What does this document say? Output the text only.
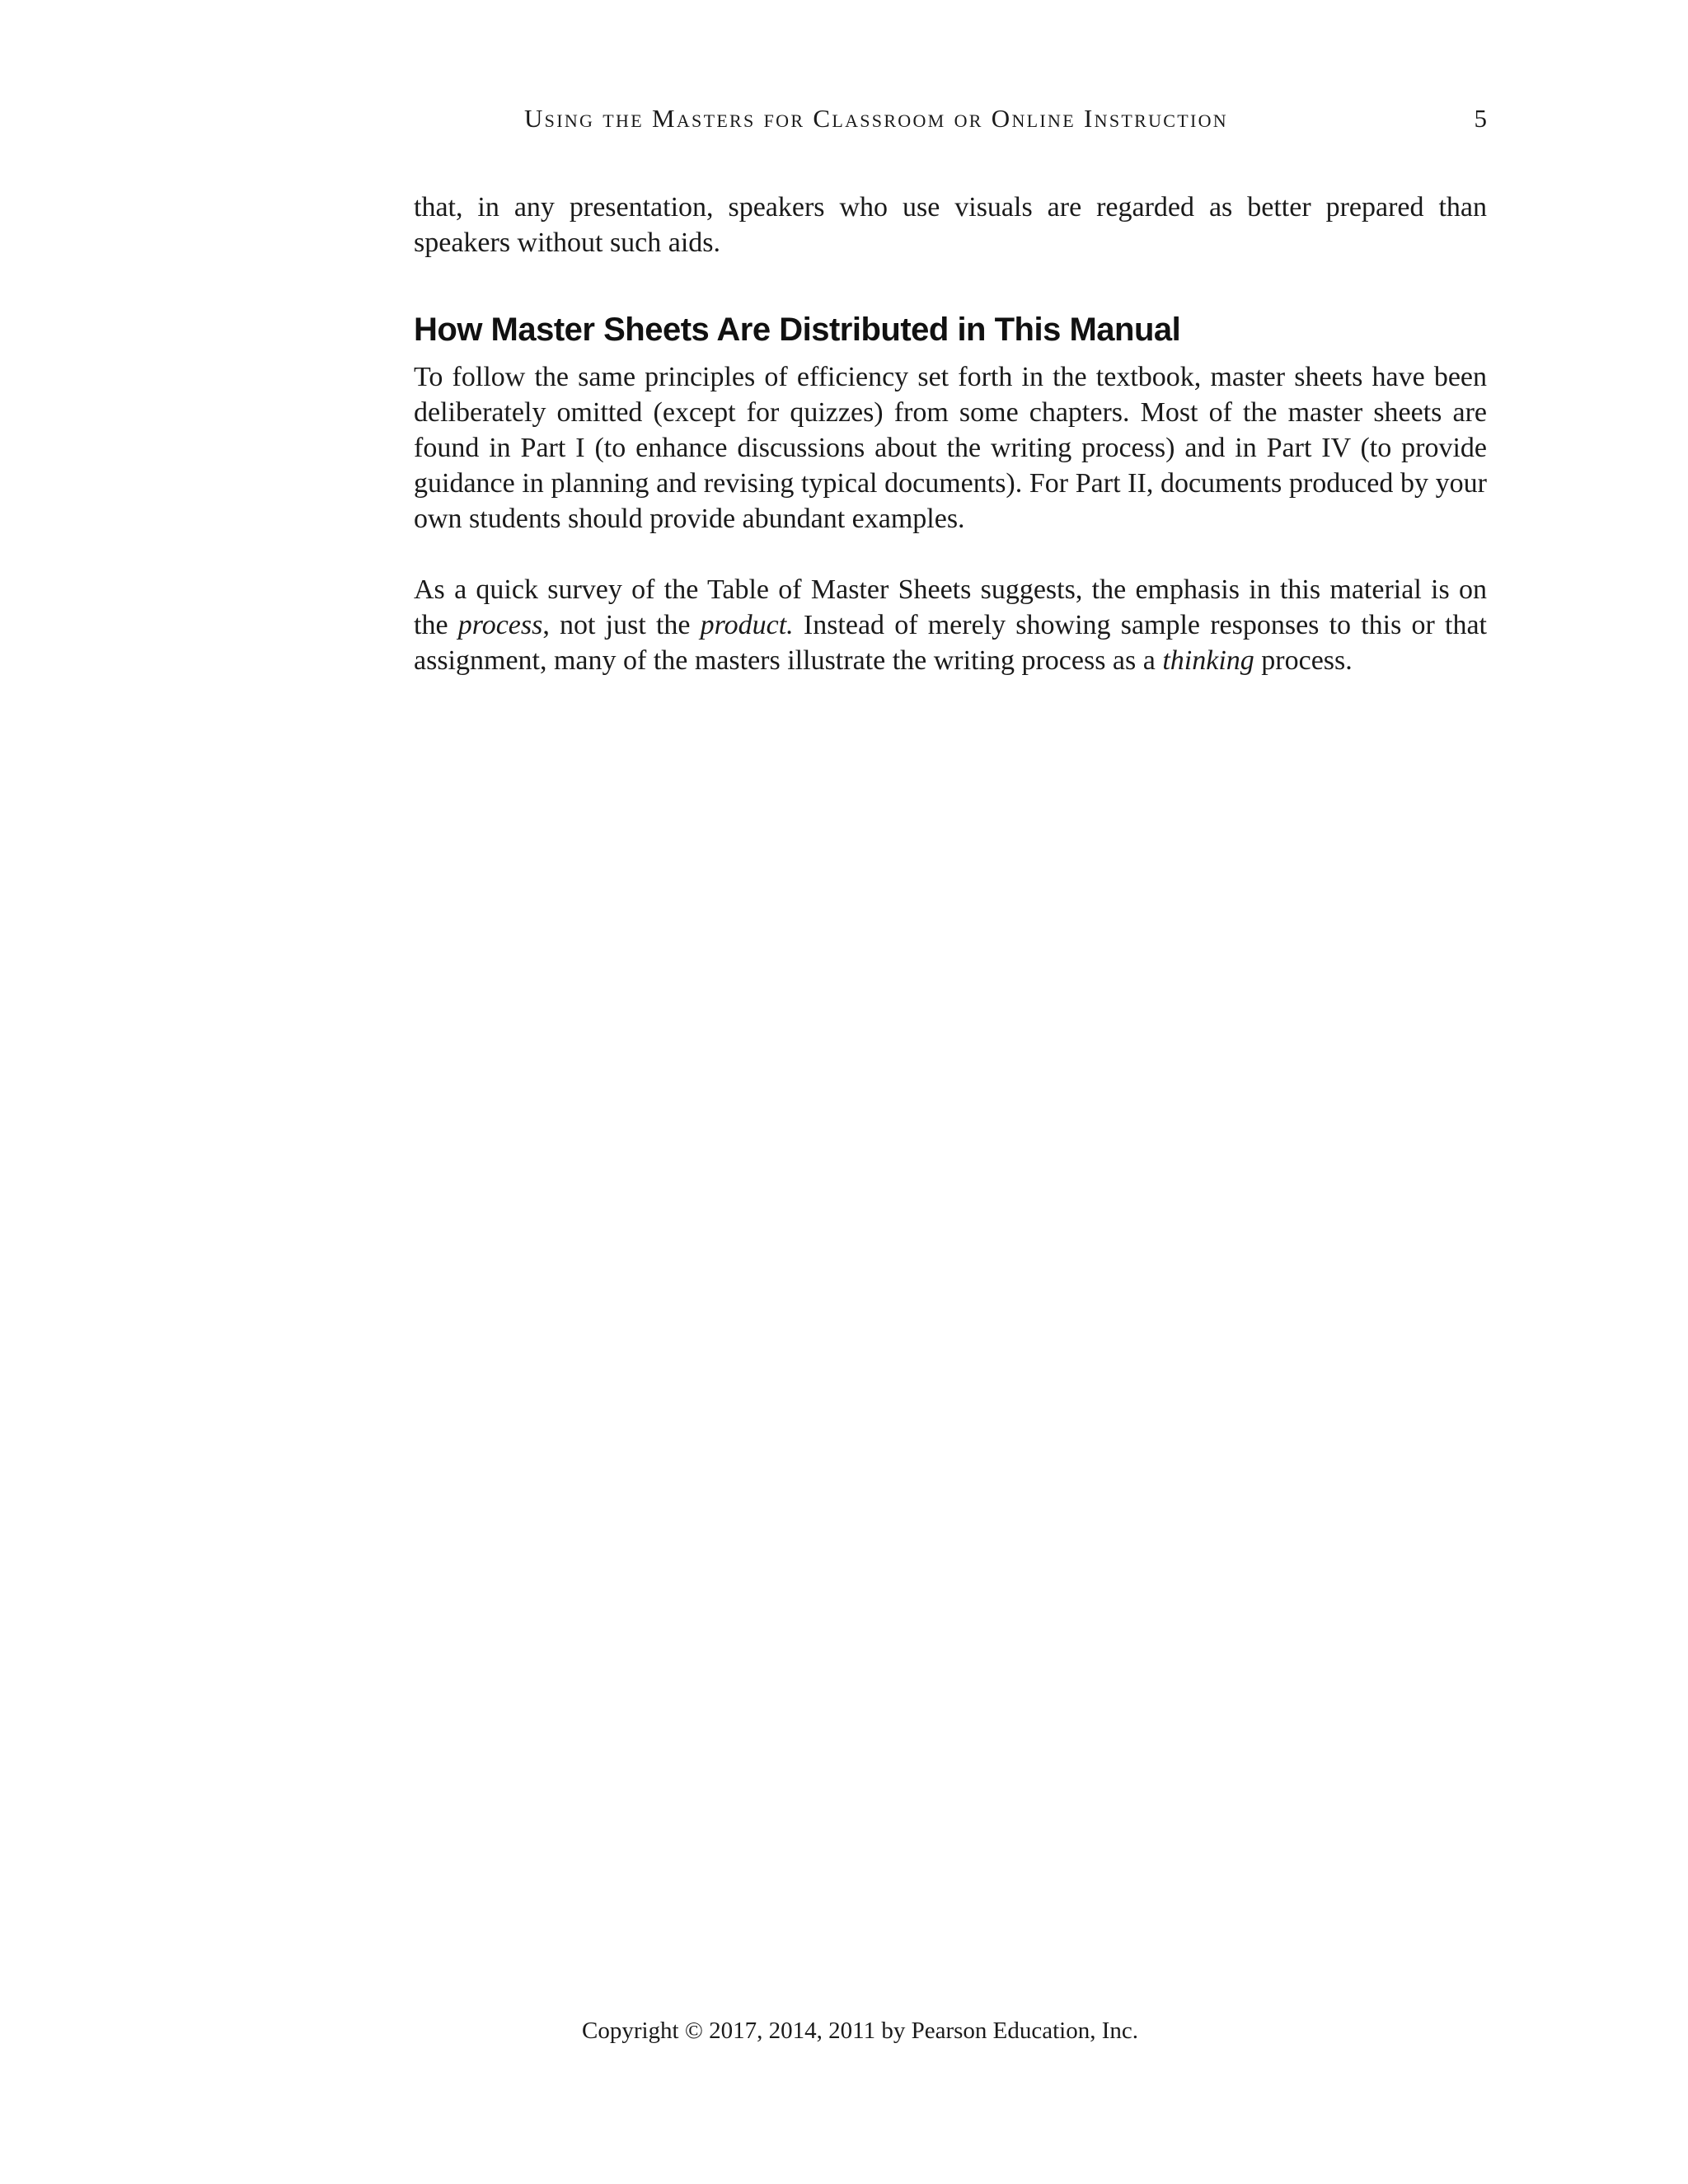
Using the Masters for Classroom or Online Instruction	5

that, in any presentation, speakers who use visuals are regarded as better prepared than speakers without such aids.

How Master Sheets Are Distributed in This Manual

To follow the same principles of efficiency set forth in the textbook, master sheets have been deliberately omitted (except for quizzes) from some chapters. Most of the master sheets are found in Part I (to enhance discussions about the writing process) and in Part IV (to provide guidance in planning and revising typical documents). For Part II, documents produced by your own students should provide abundant examples.

As a quick survey of the Table of Master Sheets suggests, the emphasis in this material is on the process, not just the product. Instead of merely showing sample responses to this or that assignment, many of the masters illustrate the writing process as a thinking process.

Copyright © 2017, 2014, 2011 by Pearson Education, Inc.
